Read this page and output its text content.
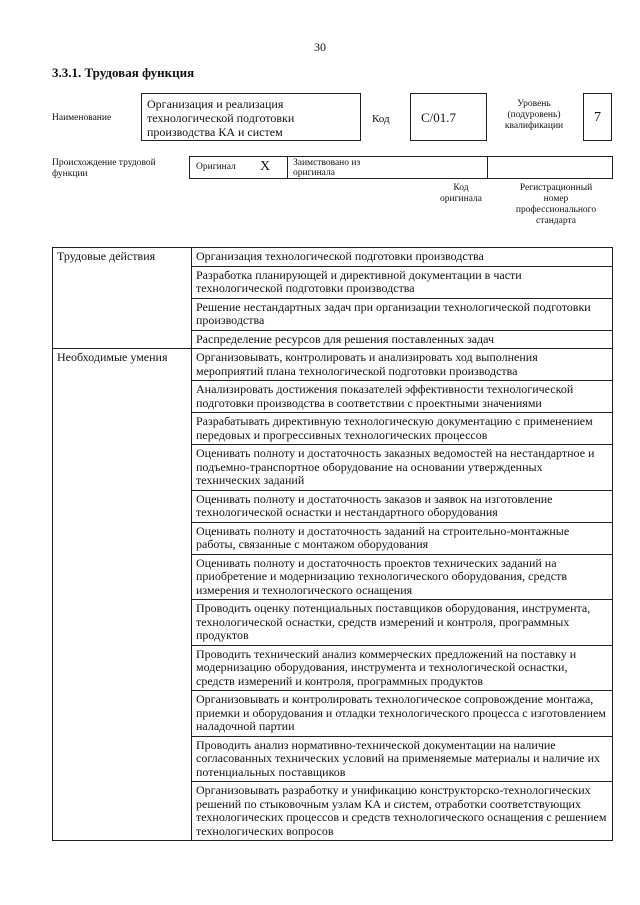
30
3.3.1. Трудовая функция
Наименование
Организация и реализация
технологической подготовки
производства КА и систем
Код	С/01.7
Уровень
(подуровень)
квалификации
7
Происхождение трудовой
функции
Оригинал X Заимствовано из
оригинала
Код
оригинала
Регистрационный
номер
профессионального
стандарта
Трудовые действия	Организация технологической подготовки производства
	Разработка планирующей и директивной документации в части технологической подготовки производства
	Решение нестандартных задач при организации технологической подготовки производства
	Распределение ресурсов для решения поставленных задач
Необходимые умения	Организовывать, контролировать и анализировать ход выполнения мероприятий плана технологической подготовки производства
	Анализировать достижения показателей эффективности технологической подготовки производства в соответствии с проектными значениями
	Разрабатывать директивную технологическую документацию с применением передовых и прогрессивных технологических процессов
	Оценивать полноту и достаточность заказных ведомостей на нестандартное и подъемно-транспортное оборудование на основании утвержденных технических заданий
	Оценивать полноту и достаточность заказов и заявок на изготовление технологической оснастки и нестандартного оборудования
	Оценивать полноту и достаточность заданий на строительно-монтажные работы, связанные с монтажом оборудования
	Оценивать полноту и достаточность проектов технических заданий на приобретение и модернизацию технологического оборудования, средств измерения и технологического оснащения
	Проводить оценку потенциальных поставщиков оборудования, инструмента, технологической оснастки, средств измерений и контроля, программных продуктов
	Проводить технический анализ коммерческих предложений на поставку и модернизацию оборудования, инструмента и технологической оснастки, средств измерений и контроля, программных продуктов
	Организовывать и контролировать технологическое сопровождение монтажа, приемки и оборудования и отладки технологического процесса с изготовлением наладочной партии
	Проводить анализ нормативно-технической документации на наличие согласованных технических условий на применяемые материалы и наличие их потенциальных поставщиков
	Организовывать разработку и унификацию конструкторско-технологических решений по стыковочным узлам КА и систем, отработки соответствующих технологических процессов и средств технологического оснащения с решением технологических вопросов
